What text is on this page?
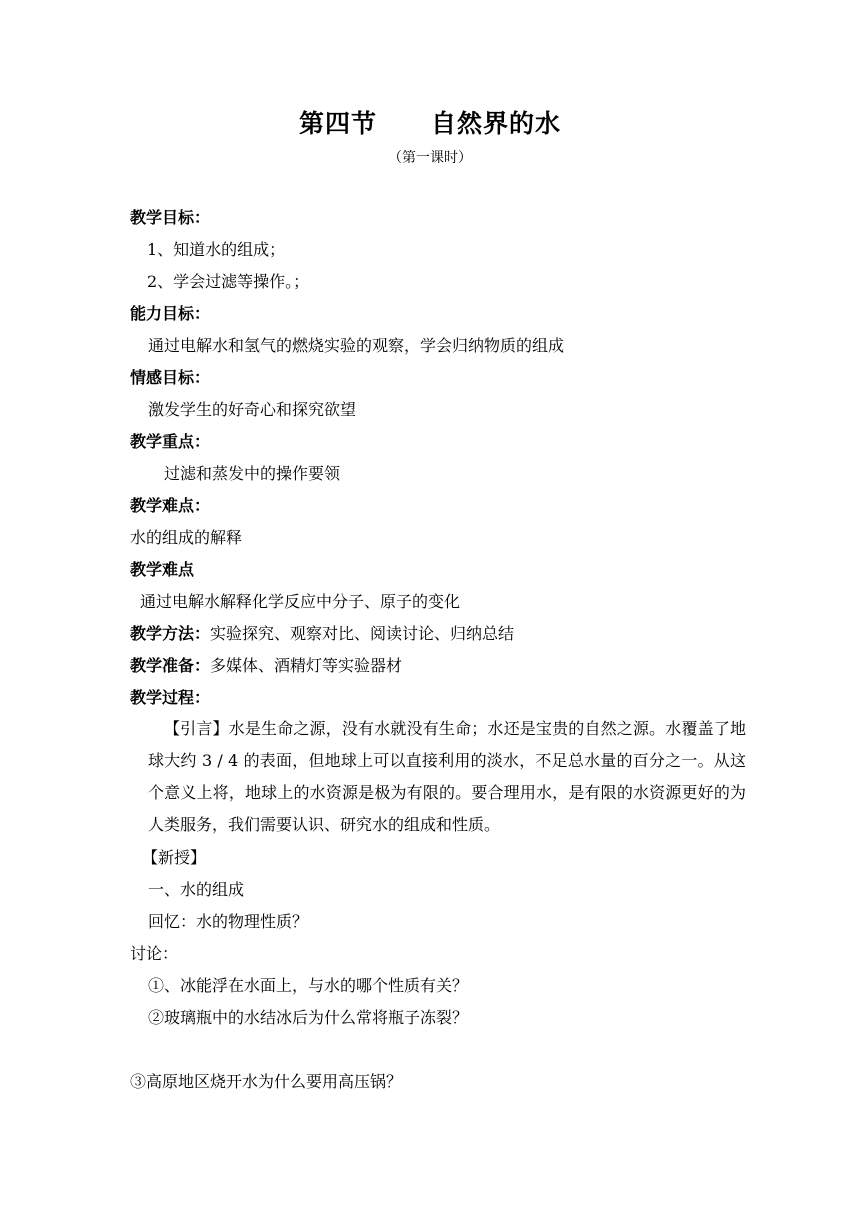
第四节 自然界的水
（第一课时）
教学目标：
1、知道水的组成；
2、学会过滤等操作。；
能力目标：
通过电解水和氢气的燃烧实验的观察，学会归纳物质的组成
情感目标：
激发学生的好奇心和探究欲望
教学重点：
过滤和蒸发中的操作要领
教学难点：
水的组成的解释
教学难点
通过电解水解释化学反应中分子、原子的变化
教学方法：实验探究、观察对比、阅读讨论、归纳总结
教学准备：多媒体、酒精灯等实验器材
教学过程：
【引言】水是生命之源，没有水就没有生命；水还是宝贵的自然之源。水覆盖了地球大约 3 / 4 的表面，但地球上可以直接利用的淡水，不足总水量的百分之一。从这个意义上将，地球上的水资源是极为有限的。要合理用水，是有限的水资源更好的为人类服务，我们需要认识、研究水的组成和性质。
【新授】
一、水的组成
回忆：水的物理性质？
讨论：
①、冰能浮在水面上，与水的哪个性质有关？
②玻璃瓶中的水结冰后为什么常将瓶子冻裂？
③高原地区烧开水为什么要用高压锅？
